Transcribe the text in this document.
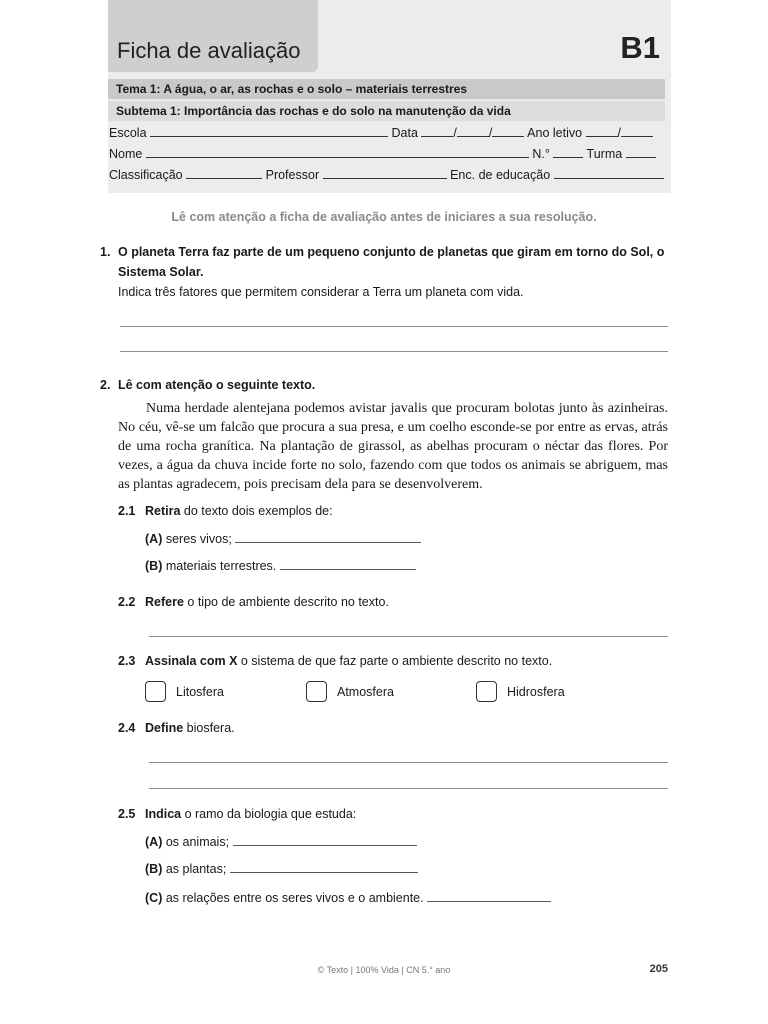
Ficha de avaliação	B1
Tema 1: A água, o ar, as rochas e o solo – materiais terrestres
Subtema 1: Importância das rochas e do solo na manutenção da vida
Escola	Data	/	/	Ano letivo	/
Nome	N.°	Turma
Classificação	Professor	Enc. de educação
Lê com atenção a ficha de avaliação antes de iniciares a sua resolução.
1. O planeta Terra faz parte de um pequeno conjunto de planetas que giram em torno do Sol, o
Sistema Solar.
Indica três fatores que permitem considerar a Terra um planeta com vida.
2. Lê com atenção o seguinte texto.
Numa herdade alentejana podemos avistar javalis que procuram bolotas junto às azinheiras. No céu, vê-se um falcão que procura a sua presa, e um coelho esconde-se por entre as ervas, atrás de uma rocha granítica. Na plantação de girassol, as abelhas procuram o néctar das flores. Por vezes, a água da chuva incide forte no solo, fazendo com que todos os animais se abriguem, mas as plantas agradecem, pois precisam dela para se desenvolverem.
2.1 Retira do texto dois exemplos de:
(A) seres vivos;
(B) materiais terrestres.
2.2 Refere o tipo de ambiente descrito no texto.
2.3 Assinala com X o sistema de que faz parte o ambiente descrito no texto.
Litosfera	Atmosfera	Hidrosfera
2.4 Define biosfera.
2.5 Indica o ramo da biologia que estuda:
(A) os animais;
(B) as plantas;
(C) as relações entre os seres vivos e o ambiente.
© Texto | 100% Vida | CN 5.° ano	205
